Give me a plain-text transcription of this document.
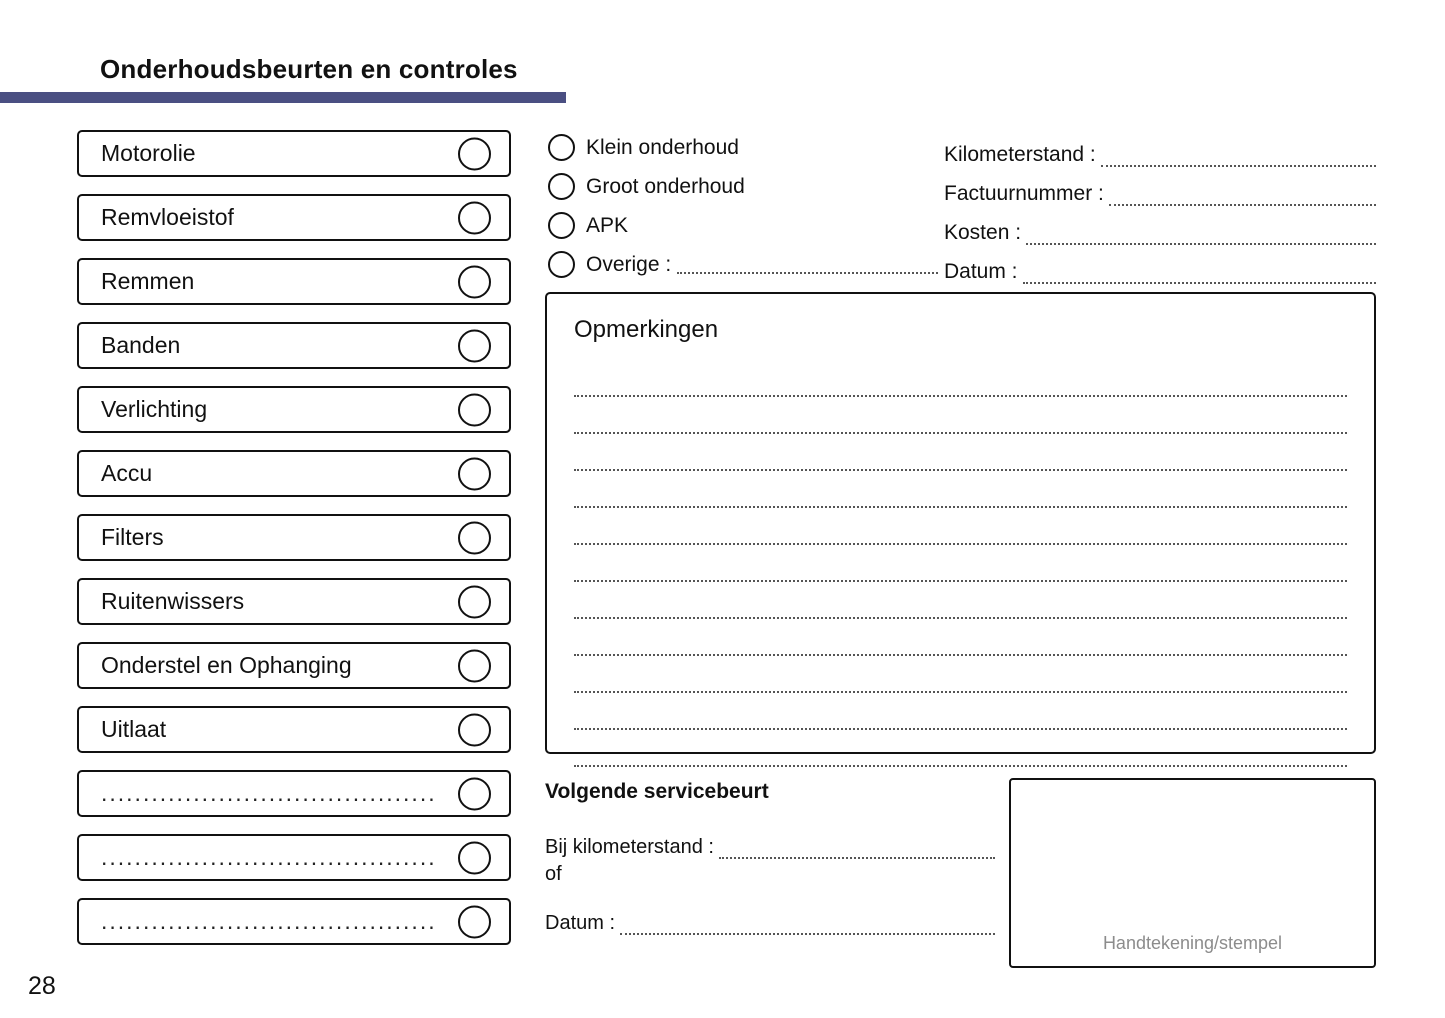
Onderhoudsbeurten en controles
Motorolie
Remvloeistof
Remmen
Banden
Verlichting
Accu
Filters
Ruitenwissers
Onderstel en Ophanging
Uitlaat
........................................
........................................
........................................
Klein onderhoud
Groot onderhoud
APK
Overige :
Kilometerstand :
Factuurnummer :
Kosten :
Datum :
Opmerkingen
Volgende servicebeurt
Bij kilometerstand :
of
Datum :
Handtekening/stempel
28
